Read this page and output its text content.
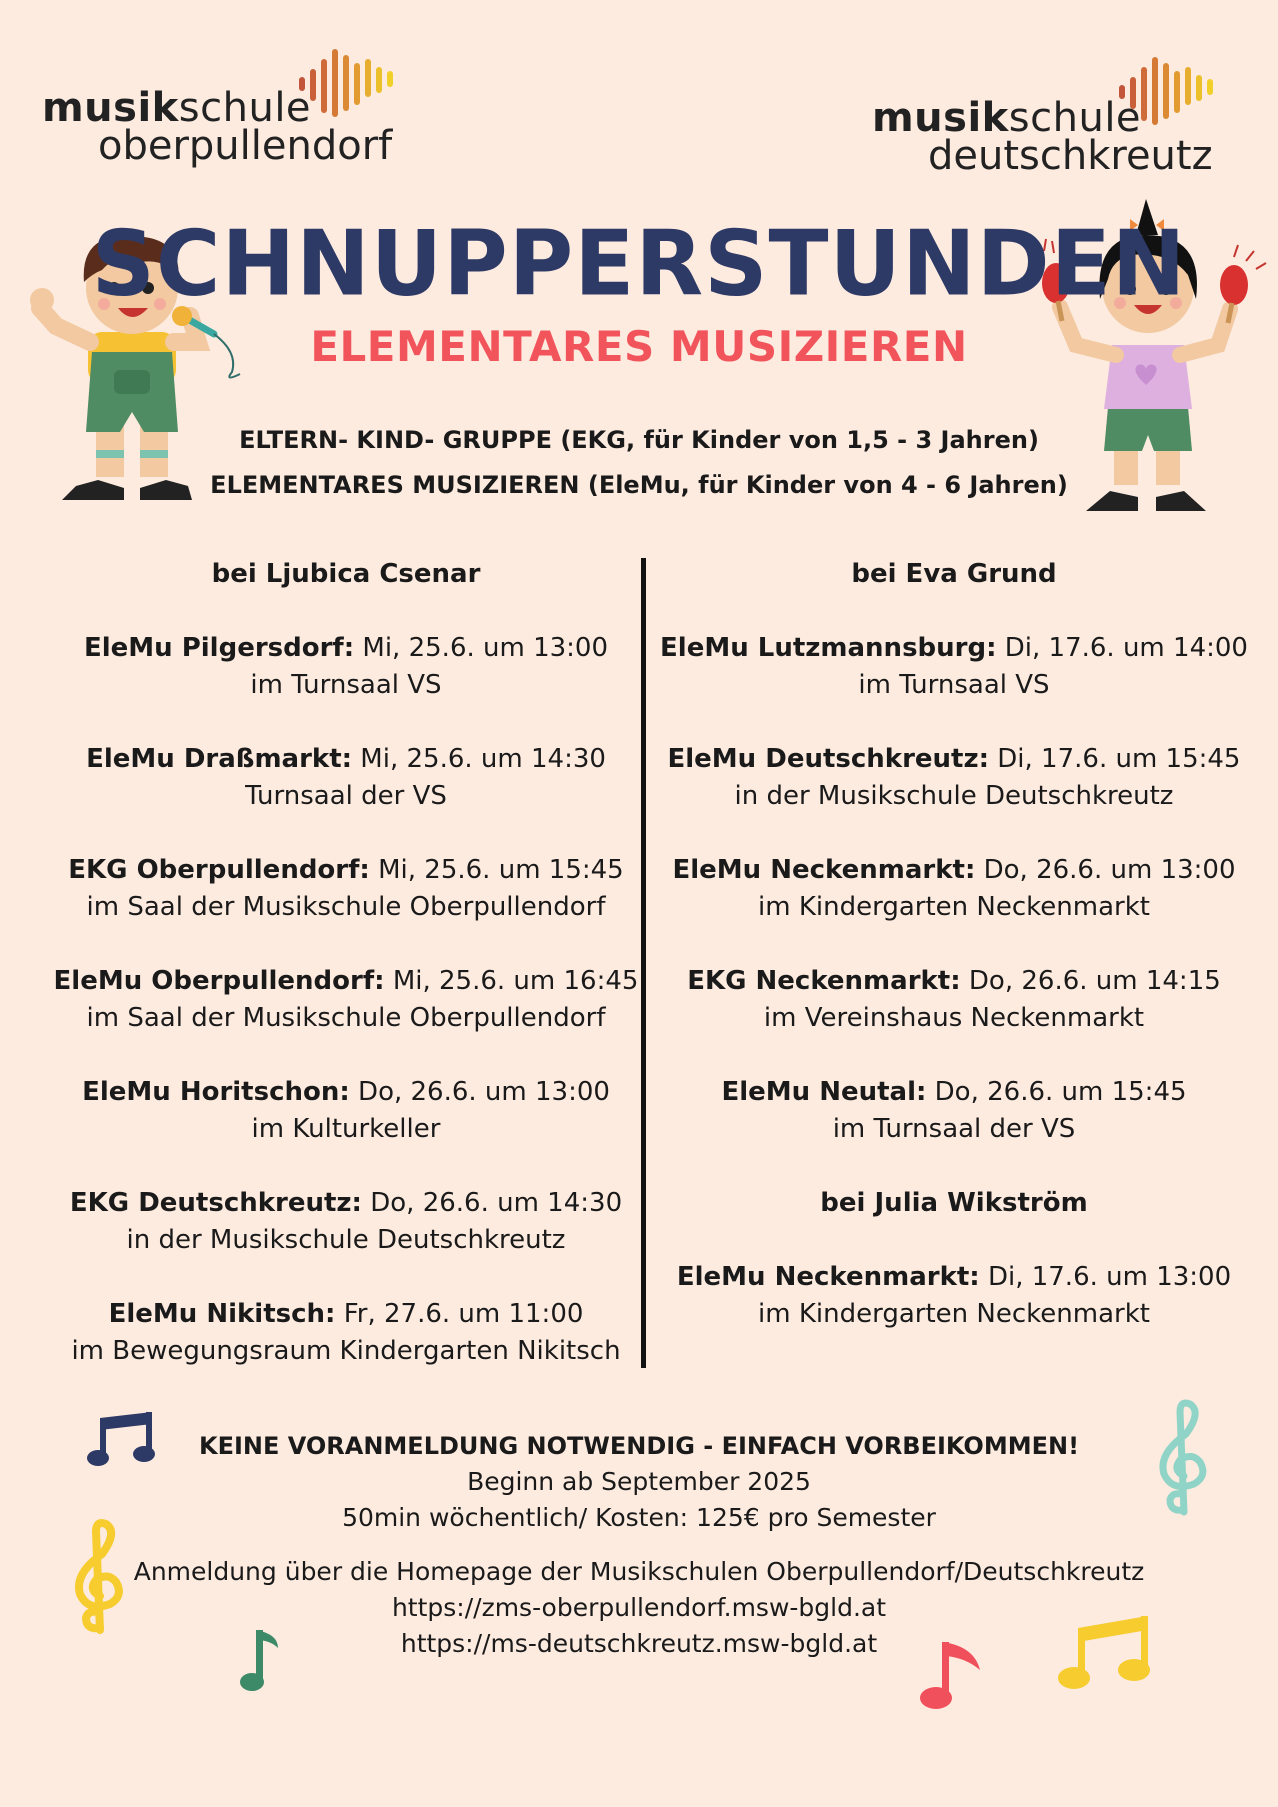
musikschule
oberpullendorf
musikschule
deutschkreutz
SCHNUPPERSTUNDEN
ELEMENTARES MUSIZIEREN
ELTERN- KIND- GRUPPE (EKG, für Kinder von 1,5 - 3 Jahren)
ELEMENTARES MUSIZIEREN (EleMu, für Kinder von 4 - 6 Jahren)
bei Ljubica Csenar
EleMu Pilgersdorf: Mi, 25.6. um 13:00
im Turnsaal VS
EleMu Draßmarkt: Mi, 25.6. um 14:30
Turnsaal der VS
EKG Oberpullendorf: Mi, 25.6. um 15:45
im Saal der Musikschule Oberpullendorf
EleMu Oberpullendorf: Mi, 25.6. um 16:45
im Saal der Musikschule Oberpullendorf
EleMu Horitschon: Do, 26.6. um 13:00
im Kulturkeller
EKG Deutschkreutz: Do, 26.6. um 14:30
in der Musikschule Deutschkreutz
EleMu Nikitsch: Fr, 27.6. um 11:00
im Bewegungsraum Kindergarten Nikitsch
bei Eva Grund
EleMu Lutzmannsburg: Di, 17.6. um 14:00
im Turnsaal VS
EleMu Deutschkreutz: Di, 17.6. um 15:45
in der Musikschule Deutschkreutz
EleMu Neckenmarkt: Do, 26.6. um 13:00
im Kindergarten Neckenmarkt
EKG Neckenmarkt: Do, 26.6. um 14:15
im Vereinshaus Neckenmarkt
EleMu Neutal: Do, 26.6. um 15:45
im Turnsaal der VS
bei Julia Wikström
EleMu Neckenmarkt: Di, 17.6. um 13:00
im Kindergarten Neckenmarkt
KEINE VORANMELDUNG NOTWENDIG - EINFACH VORBEIKOMMEN!
Beginn ab September 2025
50min wöchentlich/ Kosten: 125€ pro Semester
Anmeldung über die Homepage der Musikschulen Oberpullendorf/Deutschkreutz
https://zms-oberpullendorf.msw-bgld.at
https://ms-deutschkreutz.msw-bgld.at
